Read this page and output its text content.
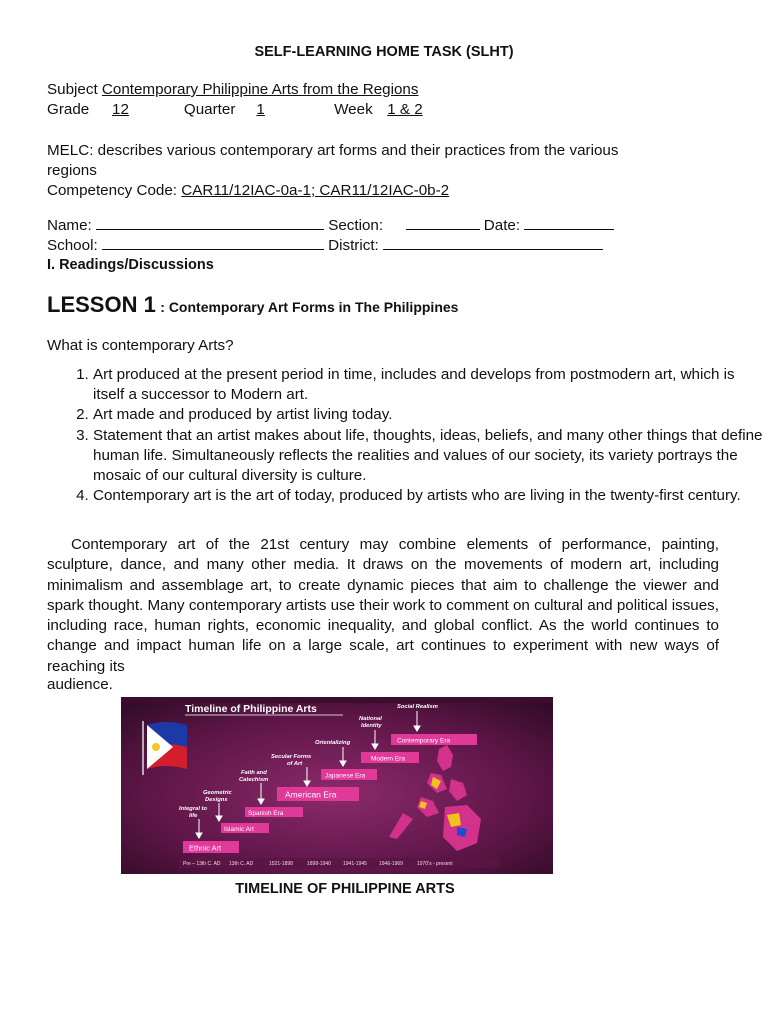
SELF-LEARNING HOME TASK (SLHT)
Subject Contemporary Philippine Arts from the Regions
Grade 12	Quarter 1	Week 1 & 2
MELC: describes various contemporary art forms and their practices from the various
regions
Competency Code: CAR11/12IAC-0a-1; CAR11/12IAC-0b-2
Name:	Section:	Date:
School:	District:
I. Readings/Discussions
LESSON 1 : Contemporary Art Forms in The Philippines
What is contemporary Arts?
1. Art produced at the present period in time, includes and develops from postmodern art, which is itself a successor to Modern art.
2. Art made and produced by artist living today.
3. Statement that an artist makes about life, thoughts, ideas, beliefs, and many other things that define human life. Simultaneously reflects the realities and values of our society, its variety portrays the mosaic of our cultural diversity is culture.
4. Contemporary art is the art of today, produced by artists who are living in the twenty-first century.

Contemporary art of the 21st century may combine elements of performance, painting, sculpture, dance, and many other media. It draws on the movements of modern art, including minimalism and assemblage art, to create dynamic pieces that aim to challenge the viewer and spark thought. Many contemporary artists use their work to comment on cultural and political issues, including race, human rights, economic inequality, and global conflict. As the world continues to change and impact human life on a large scale, art continues to experiment with new ways of reaching its

audience.
Timeline of Philippine Arts
Ethnic Art
Islamic Art
Spanish Era
American Era
Japanese Era
Modern Era
Contemporary Era
Integral to
life
Geometric
Designs
Faith and
Catechism
Secular Forms
of Art
Orientalizing
National
Identity
Social Realism
Pre – 13th C. AD 13th C. AD	1521-1898	1898-1940 1941-1945 1946-1969	1970's - present
TIMELINE OF PHILIPPINE ARTS
